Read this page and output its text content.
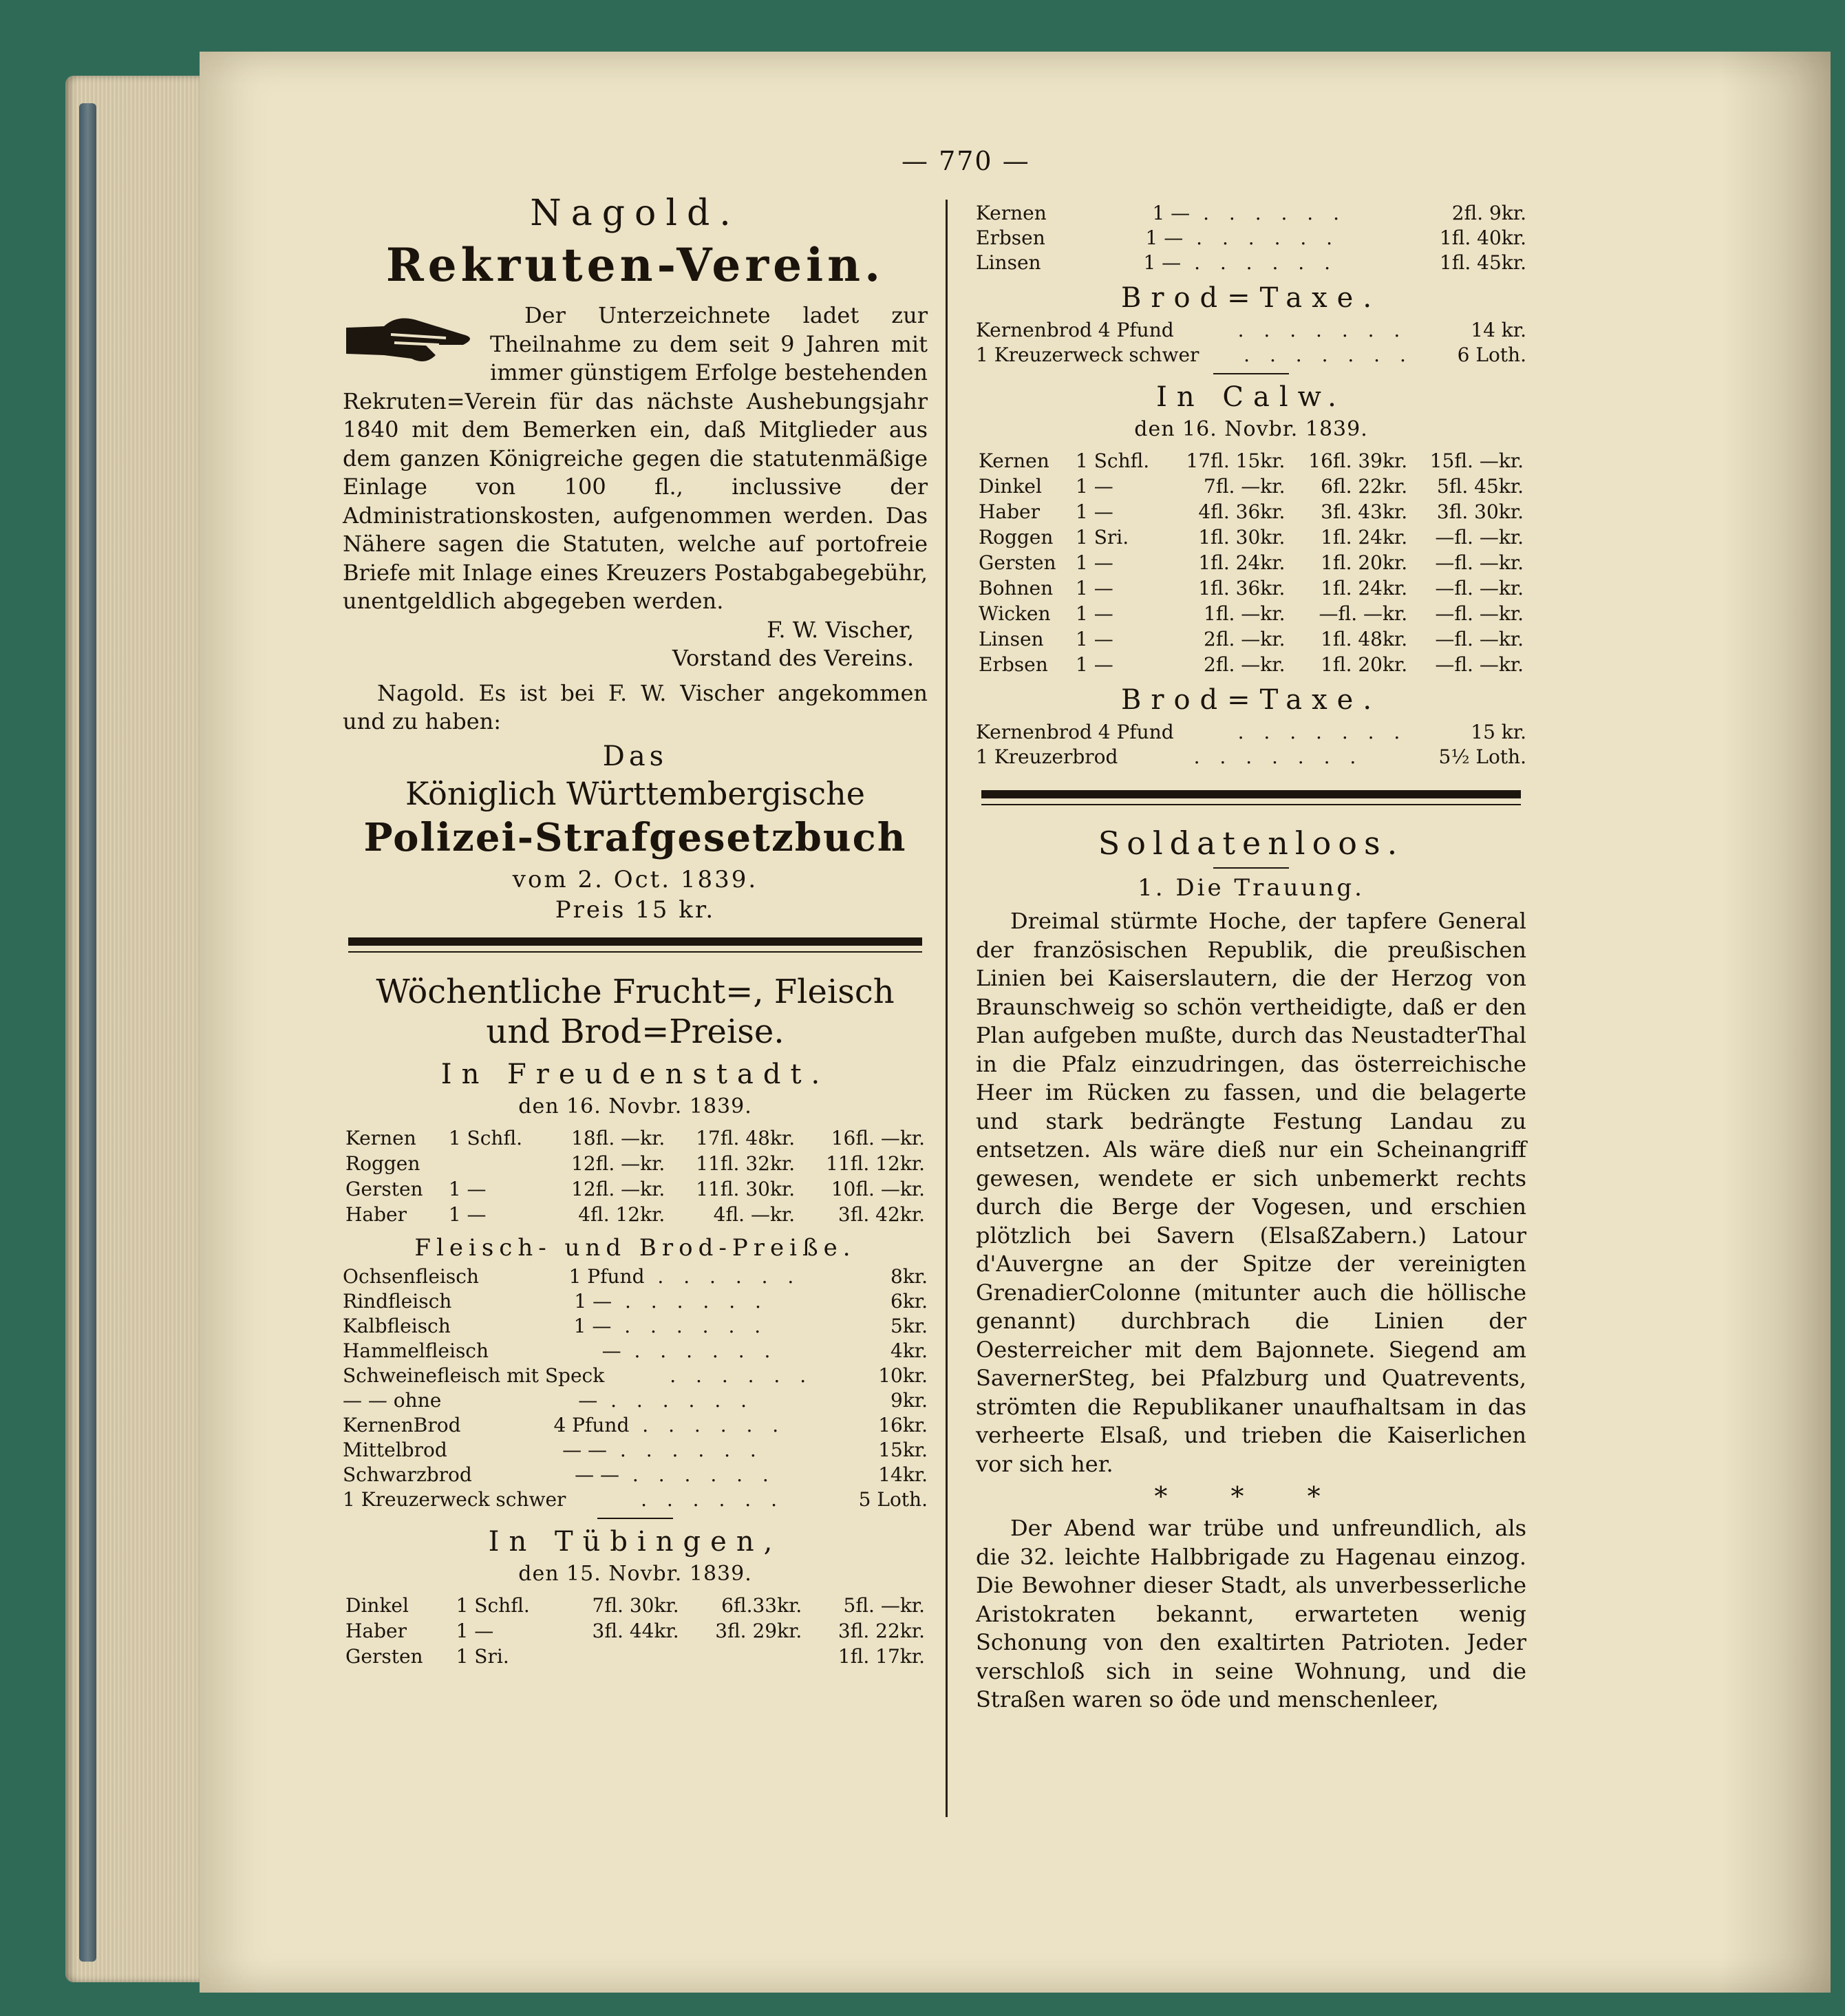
— 770 —
Nagold.
Rekruten-Verein.

Der Unterzeichnete ladet zur Theilnahme zu dem seit 9 Jahren mit immer günstigem Erfolge bestehenden Rekruten=Verein für das nächste Aushebungsjahr 1840 mit dem Bemerken ein, daß Mitglieder aus dem ganzen Königreiche gegen die statutenmäßige Einlage von 100 fl., inclussive der Administrationskosten, aufgenommen werden. Das Nähere sagen die Statuten, welche auf portofreie Briefe mit Inlage eines Kreuzers Postabgabegebühr, unentgeldlich abgegeben werden.

F. W. Vischer,

Vorstand des Vereins.

Nagold. Es ist bei F. W. Vischer angekommen und zu haben:

Das
Königlich Württembergische
Polizei-Strafgesetzbuch
vom 2. Oct. 1839.
Preis 15 kr.
Wöchentliche Frucht=, Fleisch und Brod=Preise.
In Freudenstadt.
den 16. Novbr. 1839.
Kernen	1 Schfl.	18fl. —kr.	17fl. 48kr.	16fl. —kr.
Roggen		12fl. —kr.	11fl. 32kr.	11fl. 12kr.
Gersten	1 —	12fl. —kr.	11fl. 30kr.	10fl. —kr.
Haber	1 —	4fl. 12kr.	4fl. —kr.	3fl. 42kr.
Fleisch- und Brod-Preiße.
Ochsenfleisch	1 Pfund . . . . . .	8kr.
Rindfleisch	1 — . . . . . .	6kr.
Kalbfleisch	1 — . . . . . .	5kr.
Hammelfleisch	— . . . . . .	4kr.
Schweinefleisch mit Speck	. . . . . .	10kr.
— — ohne	— . . . . . .	9kr.
KernenBrod	4 Pfund . . . . . .	16kr.
Mittelbrod	— — . . . . . .	15kr.
Schwarzbrod	— — . . . . . .	14kr.
1 Kreuzerweck schwer	. . . . . .	5 Loth.
In Tübingen,
den 15. Novbr. 1839.
Dinkel	1 Schfl.	7fl. 30kr.	6fl.33kr.	5fl. —kr.
Haber	1 —	3fl. 44kr.	3fl. 29kr.	3fl. 22kr.
Gersten	1 Sri.			1fl. 17kr.
Kernen	1 — . . . . . .	2fl. 9kr.
Erbsen	1 — . . . . . .	1fl. 40kr.
Linsen	1 — . . . . . .	1fl. 45kr.
Brod=Taxe.
Kernenbrod 4 Pfund	. . . . . . .	14 kr.
1 Kreuzerweck schwer	. . . . . . .	6 Loth.
In Calw.
den 16. Novbr. 1839.
Kernen	1 Schfl.	17fl. 15kr.	16fl. 39kr.	15fl. —kr.
Dinkel	1 —	7fl. —kr.	6fl. 22kr.	5fl. 45kr.
Haber	1 —	4fl. 36kr.	3fl. 43kr.	3fl. 30kr.
Roggen	1 Sri.	1fl. 30kr.	1fl. 24kr.	—fl. —kr.
Gersten	1 —	1fl. 24kr.	1fl. 20kr.	—fl. —kr.
Bohnen	1 —	1fl. 36kr.	1fl. 24kr.	—fl. —kr.
Wicken	1 —	1fl. —kr.	—fl. —kr.	—fl. —kr.
Linsen	1 —	2fl. —kr.	1fl. 48kr.	—fl. —kr.
Erbsen	1 —	2fl. —kr.	1fl. 20kr.	—fl. —kr.
Brod=Taxe.
Kernenbrod 4 Pfund	. . . . . . .	15 kr.
1 Kreuzerbrod	. . . . . . .	5½ Loth.
Soldatenloos.
1. Die Trauung.

Dreimal stürmte Hoche, der tapfere General der französischen Republik, die preußischen Linien bei Kaiserslautern, die der Herzog von Braunschweig so schön vertheidigte, daß er den Plan aufgeben mußte, durch das NeustadterThal in die Pfalz einzudringen, das österreichische Heer im Rücken zu fassen, und die belagerte und stark bedrängte Festung Landau zu entsetzen. Als wäre dieß nur ein Scheinangriff gewesen, wendete er sich unbemerkt rechts durch die Berge der Vogesen, und erschien plötzlich bei Savern (ElsaßZabern.) Latour d'Auvergne an der Spitze der vereinigten GrenadierColonne (mitunter auch die höllische genannt) durchbrach die Linien der Oesterreicher mit dem Bajonnete. Siegend am SavernerSteg, bei Pfalzburg und Quatrevents, strömten die Republikaner unaufhaltsam in das verheerte Elsaß, und trieben die Kaiserlichen vor sich her.

* * *

Der Abend war trübe und unfreundlich, als die 32. leichte Halbbrigade zu Hagenau einzog. Die Bewohner dieser Stadt, als unverbesserliche Aristokraten bekannt, erwarteten wenig Schonung von den exaltirten Patrioten. Jeder verschloß sich in seine Wohnung, und die Straßen waren so öde und menschenleer,
